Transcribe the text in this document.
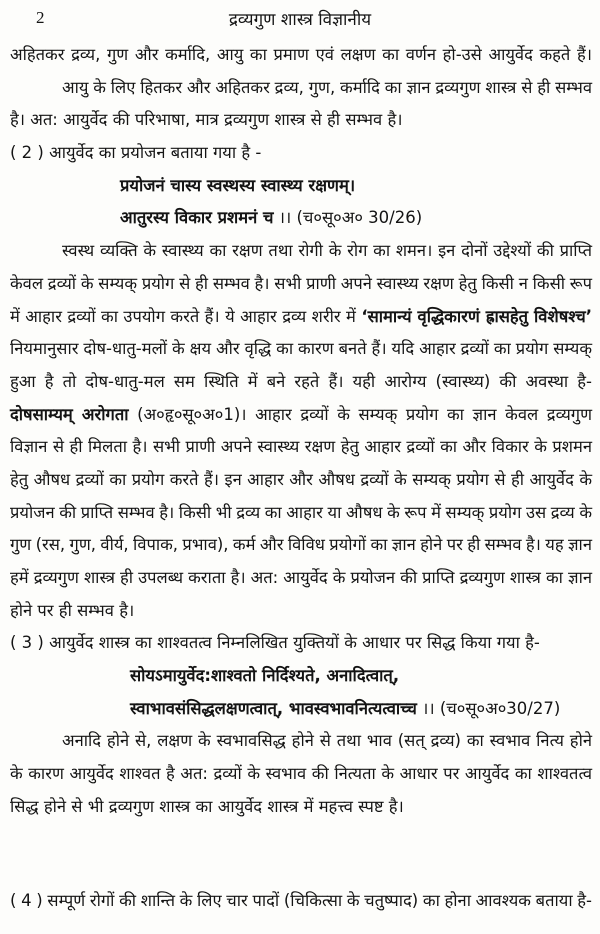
2	द्रव्यगुण शास्त्र विज्ञानीय
अहितकर द्रव्य, गुण और कर्मादि, आयु का प्रमाण एवं लक्षण का वर्णन हो-उसे आयुर्वेद कहते हैं।
आयु के लिए हितकर और अहितकर द्रव्य, गुण, कर्मादि का ज्ञान द्रव्यगुण शास्त्र से ही सम्भव
है। अत: आयुर्वेद की परिभाषा, मात्र द्रव्यगुण शास्त्र से ही सम्भव है।
( 2 ) आयुर्वेद का प्रयोजन बताया गया है -
प्रयोजनं चास्य स्वस्थस्य स्वास्थ्य रक्षणम्।
आतुरस्य विकार प्रशमनं च ।। (च०सू०अ० 30/26)
स्वस्थ व्यक्ति के स्वास्थ्य का रक्षण तथा रोगी के रोग का शमन। इन दोनों उद्देश्यों की प्राप्ति
केवल द्रव्यों के सम्यक् प्रयोग से ही सम्भव है। सभी प्राणी अपने स्वास्थ्य रक्षण हेतु किसी न किसी रूप
में आहार द्रव्यों का उपयोग करते हैं। ये आहार द्रव्य शरीर में ‘सामान्यं वृद्धिकारणं ह्रासहेतु विशेषश्च’
नियमानुसार दोष-धातु-मलों के क्षय और वृद्धि का कारण बनते हैं। यदि आहार द्रव्यों का प्रयोग सम्यक्
हुआ है तो दोष-धातु-मल सम स्थिति में बने रहते हैं। यही आरोग्य (स्वास्थ्य) की अवस्था है-
दोषसाम्यम् अरोगता (अ०हृ०सू०अ०1)। आहार द्रव्यों के सम्यक् प्रयोग का ज्ञान केवल द्रव्यगुण
विज्ञान से ही मिलता है। सभी प्राणी अपने स्वास्थ्य रक्षण हेतु आहार द्रव्यों का और विकार के प्रशमन
हेतु औषध द्रव्यों का प्रयोग करते हैं। इन आहार और औषध द्रव्यों के सम्यक् प्रयोग से ही आयुर्वेद के
प्रयोजन की प्राप्ति सम्भव है। किसी भी द्रव्य का आहार या औषध के रूप में सम्यक् प्रयोग उस द्रव्य के
गुण (रस, गुण, वीर्य, विपाक, प्रभाव), कर्म और विविध प्रयोगों का ज्ञान होने पर ही सम्भव है। यह ज्ञान
हमें द्रव्यगुण शास्त्र ही उपलब्ध कराता है। अत: आयुर्वेद के प्रयोजन की प्राप्ति द्रव्यगुण शास्त्र का ज्ञान
होने पर ही सम्भव है।
( 3 ) आयुर्वेद शास्त्र का शाश्वतत्व निम्नलिखित युक्तियों के आधार पर सिद्ध किया गया है-
सोयऽमायुर्वेद:शाश्वतो निर्दिश्यते, अनादित्वात्,
स्वाभावसंसिद्धलक्षणत्वात्, भावस्वभावनित्यत्वाच्च ।। (च०सू०अ०30/27)
अनादि होने से, लक्षण के स्वभावसिद्ध होने से तथा भाव (सत् द्रव्य) का स्वभाव नित्य होने
के कारण आयुर्वेद शाश्वत है अत: द्रव्यों के स्वभाव की नित्यता के आधार पर आयुर्वेद का शाश्वतत्व
सिद्ध होने से भी द्रव्यगुण शास्त्र का आयुर्वेद शास्त्र में महत्त्व स्पष्ट है।
( 4 ) सम्पूर्ण रोगों की शान्ति के लिए चार पादों (चिकित्सा के चतुष्पाद) का होना आवश्यक बताया है-
